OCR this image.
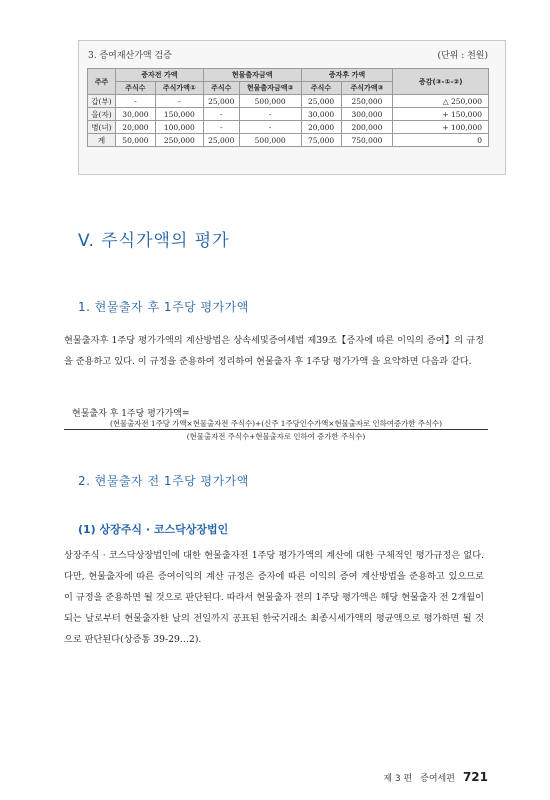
3. 증여재산가액 검증	(단위 : 천원)
주주	증자전 가액		현물출자금액		증자후 가액		증감(③-①-②)
	주식수	주식가액①	주식수	현물출자금액②	주식수	주식가액③	
갑(부)	-	-	25,000	500,000	25,000	250,000	△ 250,000
을(자)	30,000	150,000	-	-	30,000	300,000	+ 150,000
병(녀)	20,000	100,000	-	-	20,000	200,000	+ 100,000
계	50,000	250,000	25,000	500,000	75,000	750,000	0
V. 주식가액의 평가
1. 현물출자 후 1주당 평가가액

현물출자후 1주당 평가가액의 계산방법은 상속세및증여세법 제39조【증자에 따른 이익의 증여】의 규정을 준용하고 있다. 이 규정을 준용하여 정리하여 현물출자 후 1주당 평가가액 을 요약하면 다음과 같다.

현물출자 후 1주당 평가가액=
(현물출자전 1주당 가액×현물출자전 주식수)+(신주 1주당인수가액×현물출자로 인하여증가한 주식수)
(현물출자전 주식수+현물출자로 인하여 증가한 주식수)
2. 현물출자 전 1주당 평가가액
(1) 상장주식 · 코스닥상장법인

상장주식 · 코스닥상장법인에 대한 현물출자전 1주당 평가가액의 계산에 대한 구체적인 평가규정은 없다. 다만, 현물출자에 따른 증여이익의 계산 규정은 증자에 따른 이익의 증여 계산방법을 준용하고 있으므로 이 규정을 준용하면 될 것으로 판단된다. 따라서 현물출자 전의 1주당 평가액은 해당 현물출자 전 2개월이 되는 날로부터 현물출자한 날의 전일까지 공표된 한국거래소 최종시세가액의 평균액으로 평가하면 될 것으로 판단된다(상증통 39-29…2).

제 3 편 증여세편 721
